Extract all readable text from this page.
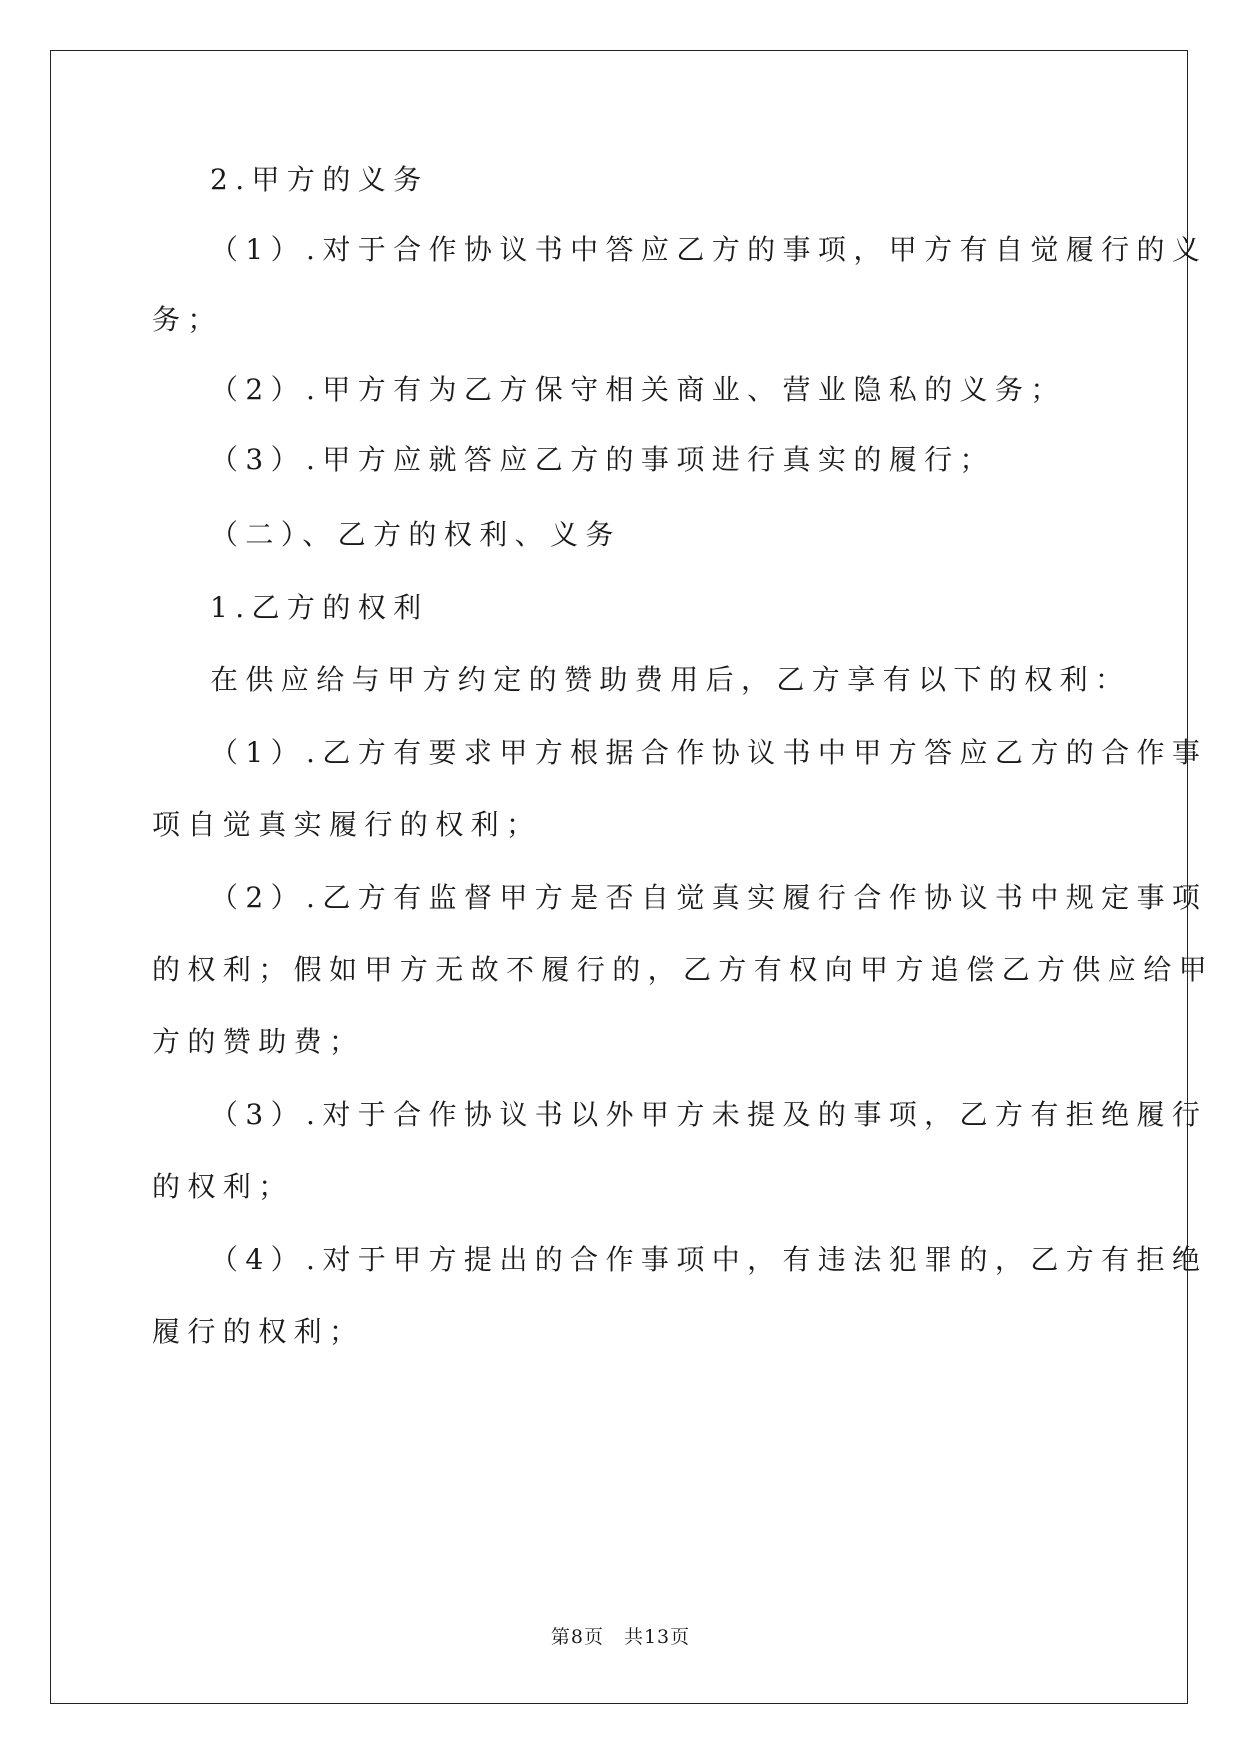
2.甲方的义务
（1）.对于合作协议书中答应乙方的事项，甲方有自觉履行的义
务；
（2）.甲方有为乙方保守相关商业、营业隐私的义务；
（3）.甲方应就答应乙方的事项进行真实的履行；
（二）、乙方的权利、义务
1.乙方的权利
在供应给与甲方约定的赞助费用后，乙方享有以下的权利：
（1）.乙方有要求甲方根据合作协议书中甲方答应乙方的合作事
项自觉真实履行的权利；
（2）.乙方有监督甲方是否自觉真实履行合作协议书中规定事项
的权利；假如甲方无故不履行的，乙方有权向甲方追偿乙方供应给甲
方的赞助费；
（3）.对于合作协议书以外甲方未提及的事项，乙方有拒绝履行
的权利；
（4）.对于甲方提出的合作事项中，有违法犯罪的，乙方有拒绝
履行的权利；
第8页　共13页
